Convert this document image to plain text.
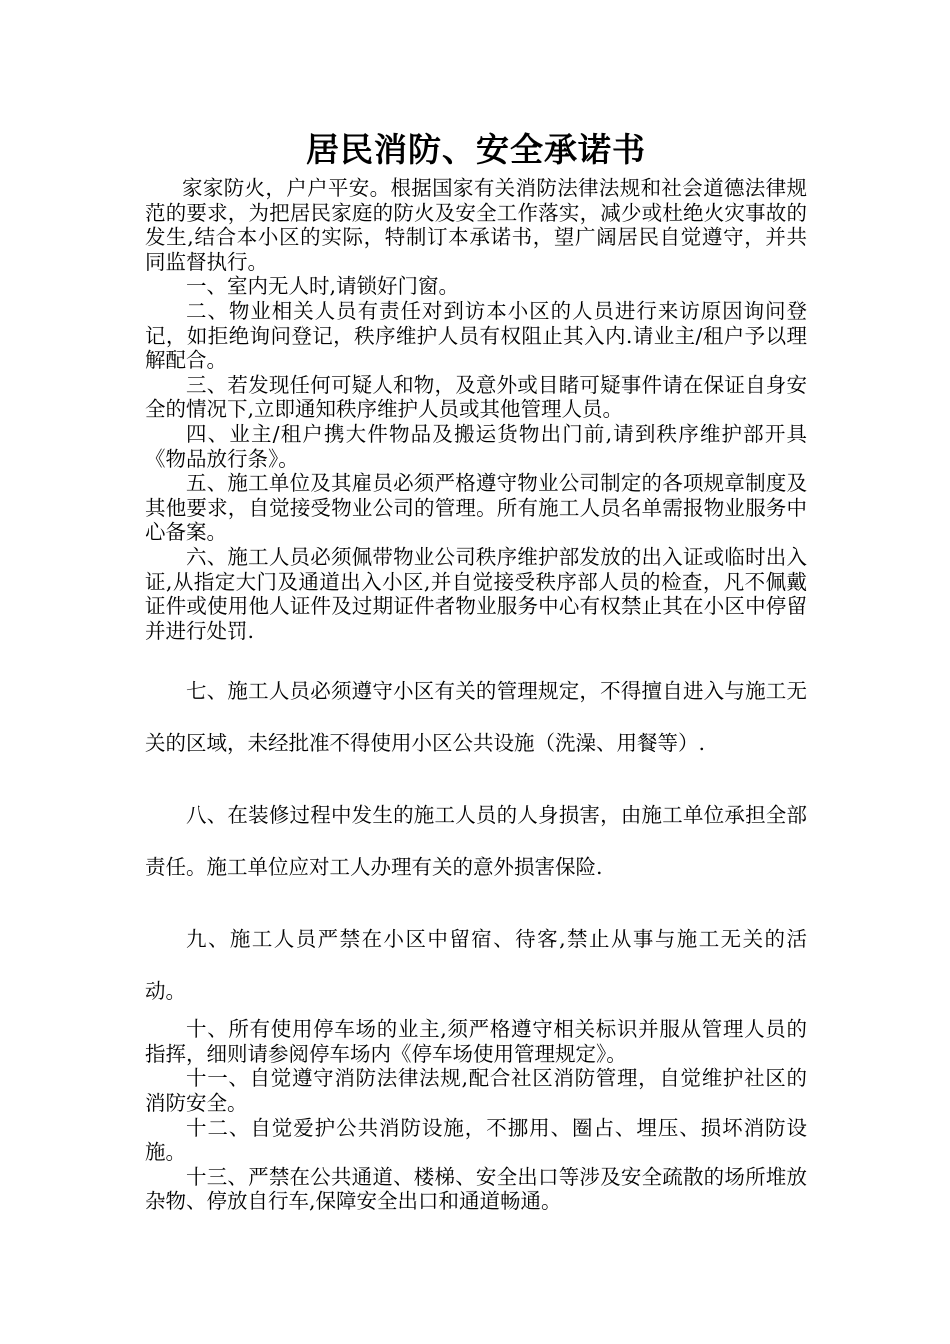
居民消防、安全承诺书

家家防火，户户平安。根据国家有关消防法律法规和社会道德法律规范的要求，为把居民家庭的防火及安全工作落实，减少或杜绝火灾事故的发生,结合本小区的实际，特制订本承诺书，望广阔居民自觉遵守，并共同监督执行。

一、室内无人时,请锁好门窗。

二、物业相关人员有责任对到访本小区的人员进行来访原因询问登记，如拒绝询问登记，秩序维护人员有权阻止其入内.请业主/租户予以理解配合。

三、若发现任何可疑人和物，及意外或目睹可疑事件请在保证自身安全的情况下,立即通知秩序维护人员或其他管理人员。

四、业主/租户携大件物品及搬运货物出门前,请到秩序维护部开具《物品放行条》。

五、施工单位及其雇员必须严格遵守物业公司制定的各项规章制度及其他要求，自觉接受物业公司的管理。所有施工人员名单需报物业服务中心备案。

六、施工人员必须佩带物业公司秩序维护部发放的出入证或临时出入证,从指定大门及通道出入小区,并自觉接受秩序部人员的检查，凡不佩戴证件或使用他人证件及过期证件者物业服务中心有权禁止其在小区中停留并进行处罚.

七、施工人员必须遵守小区有关的管理规定，不得擅自进入与施工无关的区域，未经批准不得使用小区公共设施（洗澡、用餐等）.

八、在装修过程中发生的施工人员的人身损害，由施工单位承担全部责任。施工单位应对工人办理有关的意外损害保险.

九、施工人员严禁在小区中留宿、待客,禁止从事与施工无关的活动。

十、所有使用停车场的业主,须严格遵守相关标识并服从管理人员的指挥，细则请参阅停车场内《停车场使用管理规定》。

十一、自觉遵守消防法律法规,配合社区消防管理，自觉维护社区的消防安全。

十二、自觉爱护公共消防设施，不挪用、圈占、埋压、损坏消防设施。

十三、严禁在公共通道、楼梯、安全出口等涉及安全疏散的场所堆放杂物、停放自行车,保障安全出口和通道畅通。
